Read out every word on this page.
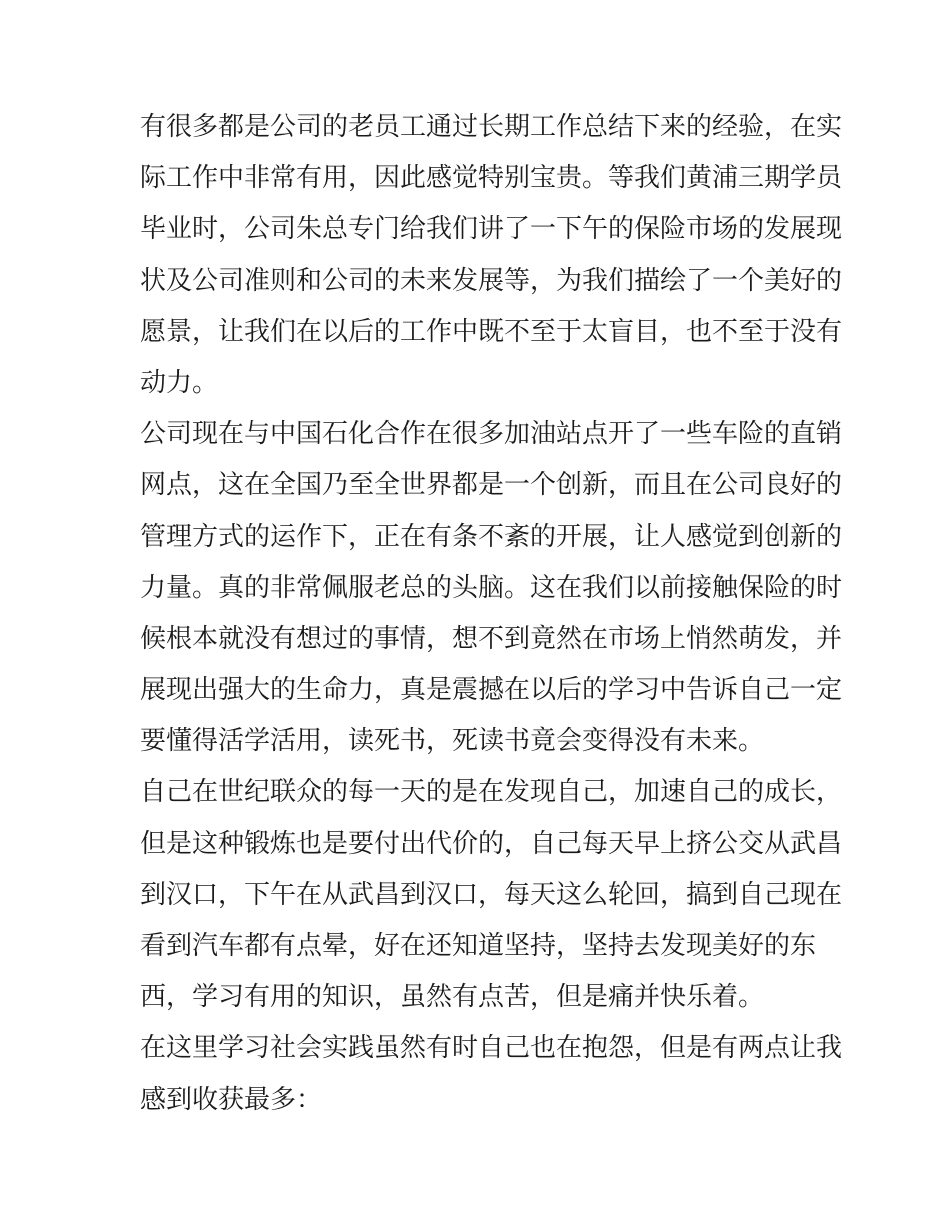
有很多都是公司的老员工通过长期工作总结下来的经验，在实
际工作中非常有用，因此感觉特别宝贵。等我们黄浦三期学员
毕业时，公司朱总专门给我们讲了一下午的保险市场的发展现
状及公司准则和公司的未来发展等，为我们描绘了一个美好的
愿景，让我们在以后的工作中既不至于太盲目，也不至于没有
动力。
公司现在与中国石化合作在很多加油站点开了一些车险的直销
网点，这在全国乃至全世界都是一个创新，而且在公司良好的
管理方式的运作下，正在有条不紊的开展，让人感觉到创新的
力量。真的非常佩服老总的头脑。这在我们以前接触保险的时
候根本就没有想过的事情，想不到竟然在市场上悄然萌发，并
展现出强大的生命力，真是震撼在以后的学习中告诉自己一定
要懂得活学活用，读死书，死读书竟会变得没有未来。
自己在世纪联众的每一天的是在发现自己，加速自己的成长，
但是这种锻炼也是要付出代价的，自己每天早上挤公交从武昌
到汉口，下午在从武昌到汉口，每天这么轮回，搞到自己现在
看到汽车都有点晕，好在还知道坚持，坚持去发现美好的东
西，学习有用的知识，虽然有点苦，但是痛并快乐着。
在这里学习社会实践虽然有时自己也在抱怨，但是有两点让我
感到收获最多：
